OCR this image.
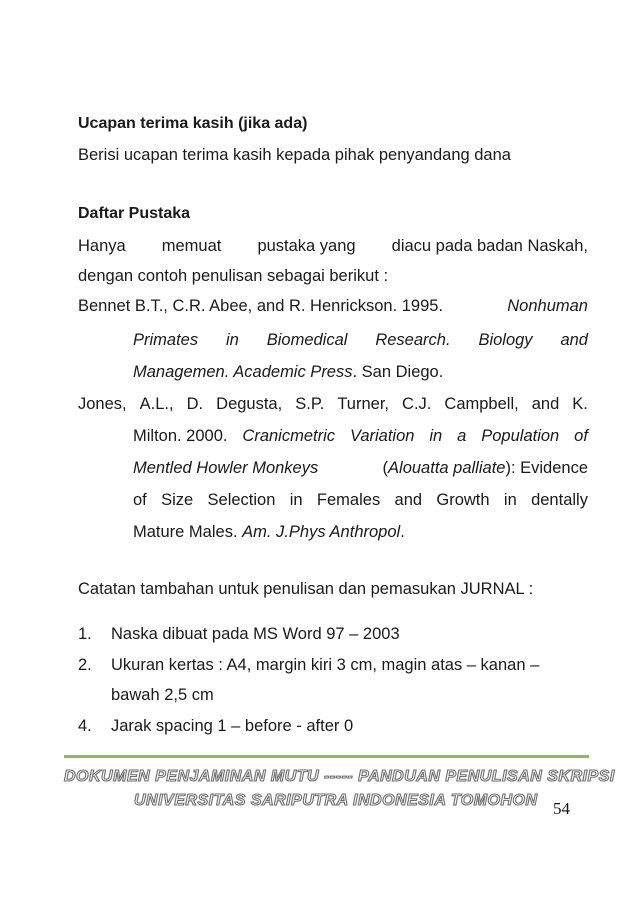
Ucapan terima kasih (jika ada)
Berisi ucapan terima kasih kepada pihak penyandang dana
Daftar Pustaka
Hanya memuat pustaka yang diacu pada badan Naskah,
dengan contoh penulisan sebagai berikut :
Bennet B.T., C.R. Abee, and R. Henrickson. 1995.	Nonhuman
Primates in Biomedical Research. Biology and
Managemen. Academic Press. San Diego.
Jones, A.L., D. Degusta, S.P. Turner, C.J. Campbell, and K.
Milton. 2000. Cranicmetric Variation in a Population of
Mentled Howler Monkeys	(Alouatta palliate): Evidence
of Size Selection in Females and Growth in dentally
Mature Males. Am. J.Phys Anthropol.
Catatan tambahan untuk penulisan dan pemasukan JURNAL :
1. Naska dibuat pada MS Word 97 – 2003
2. Ukuran kertas : A4, margin kiri 3 cm, magin atas – kanan –
bawah 2,5 cm
4. Jarak spacing 1 – before - after 0
DOKUMEN PENJAMINAN MUTU ----- PANDUAN PENULISAN SKRIPSI
UNIVERSITAS SARIPUTRA INDONESIA TOMOHON 54
